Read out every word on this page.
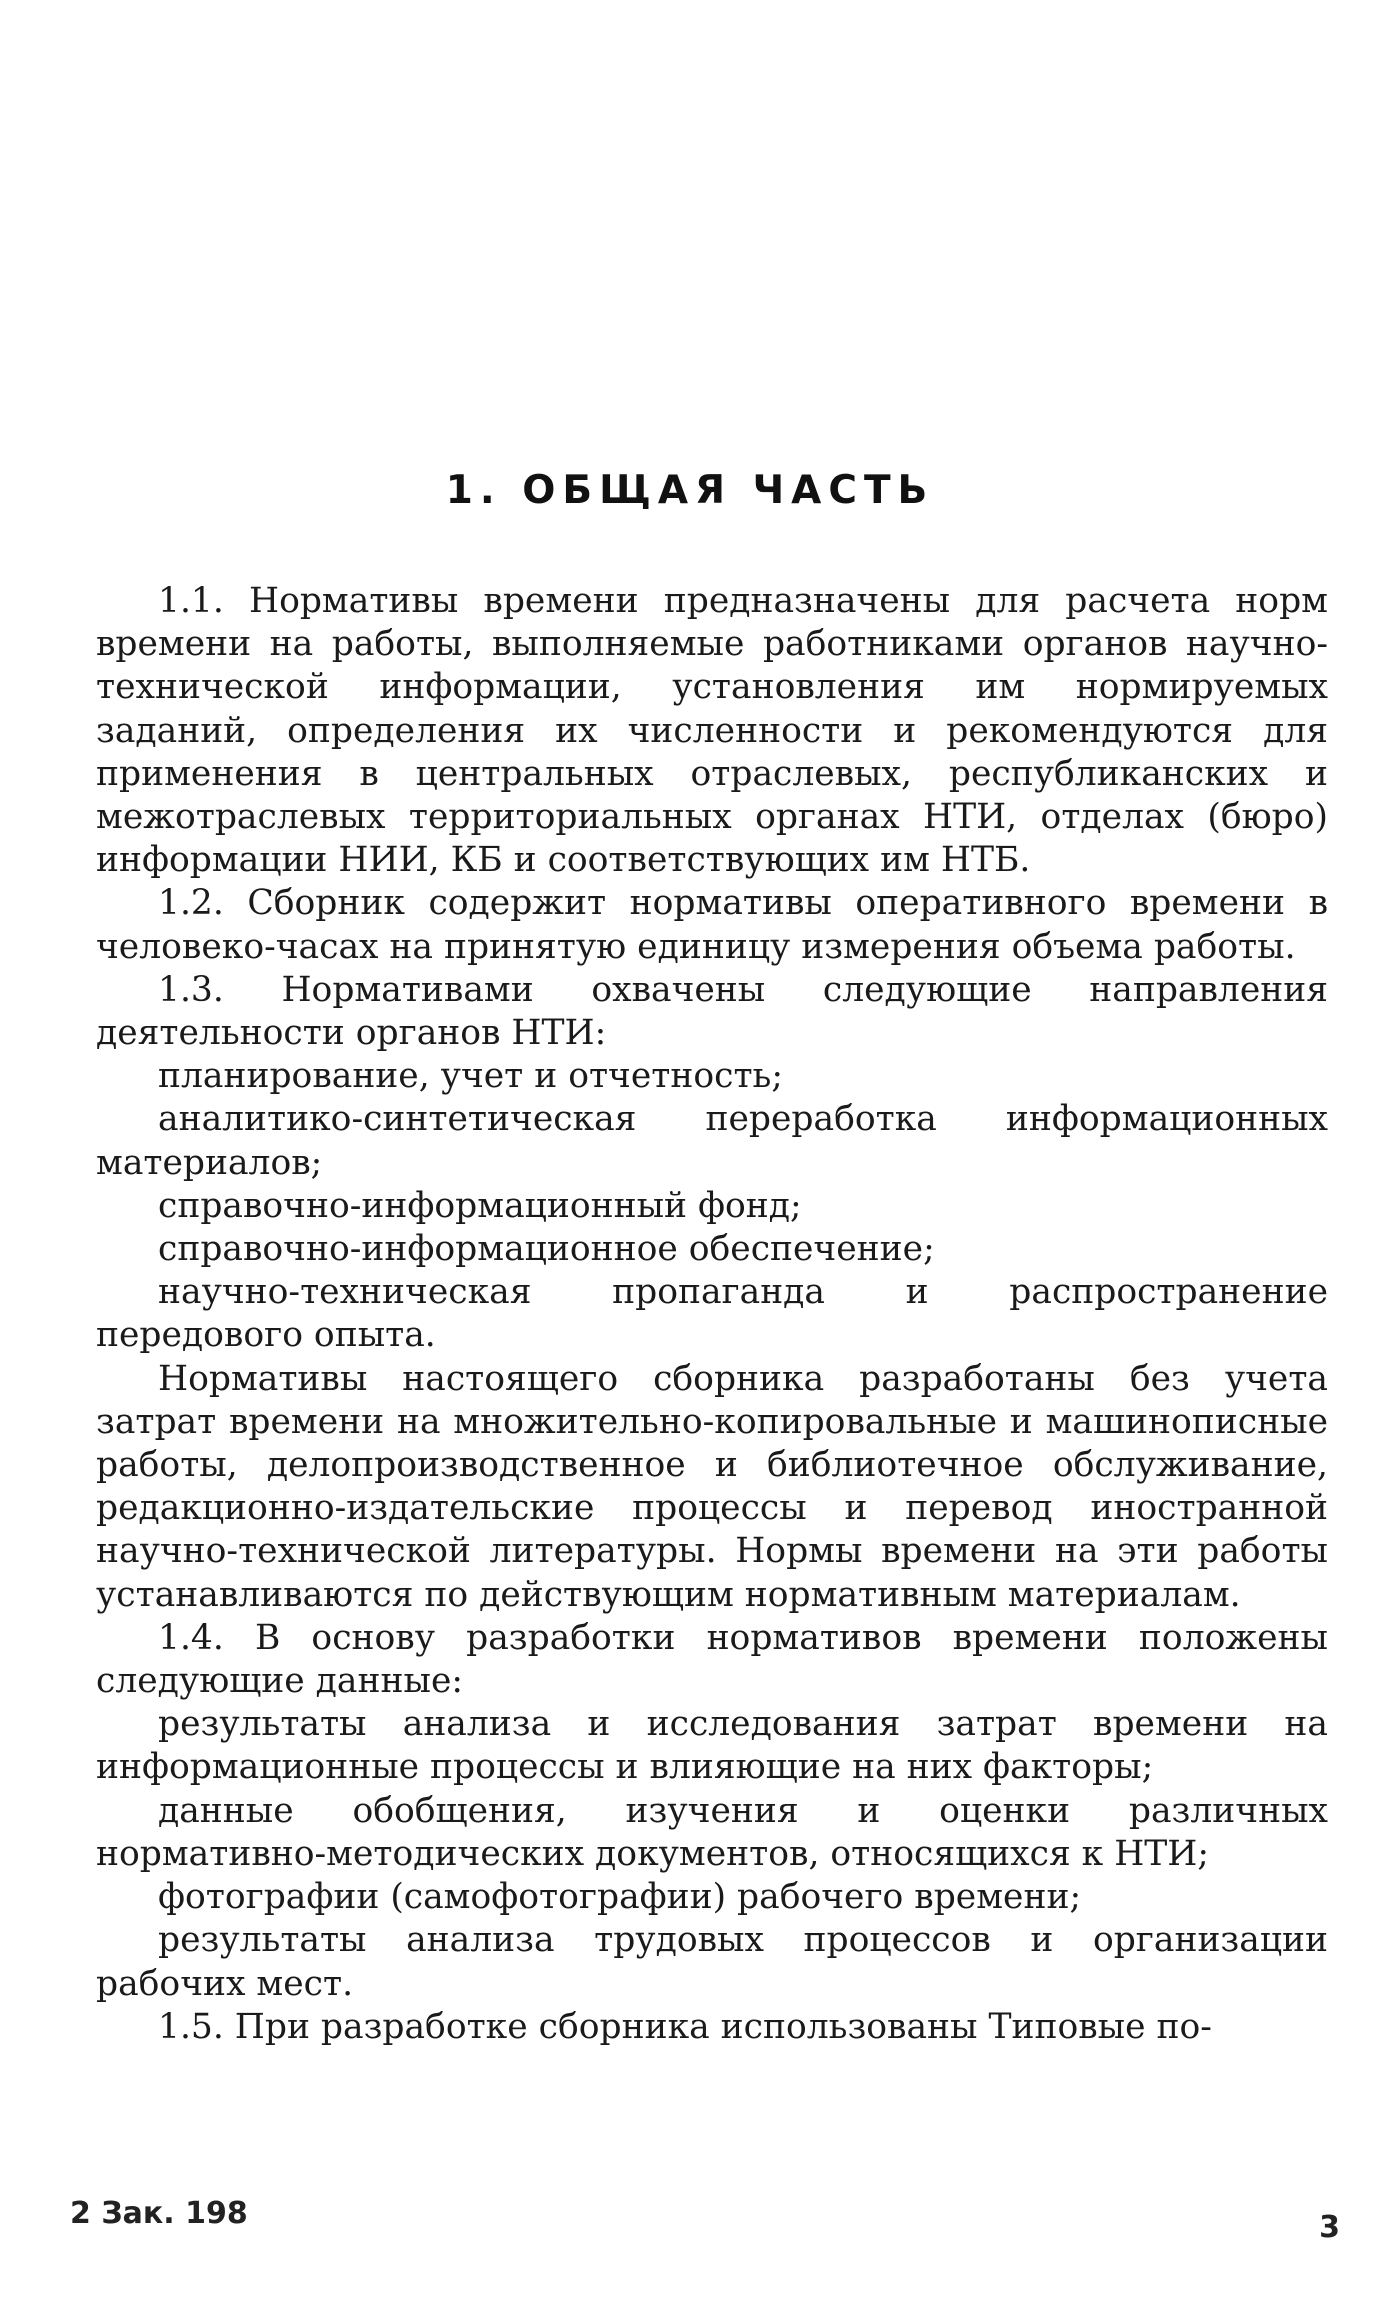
1. ОБЩАЯ ЧАСТЬ

1.1. Нормативы времени предназначены для расчета норм времени на работы, выполняемые работниками органов научно-технической информации, установления им нормируемых заданий, определения их численности и рекомендуются для применения в центральных отраслевых, республиканских и межотраслевых территориальных органах НТИ, отделах (бюро) информации НИИ, КБ и соответствующих им НТБ.

1.2. Сборник содержит нормативы оперативного времени в человеко-часах на принятую единицу измерения объема работы.

1.3. Нормативами охвачены следующие направления деятельности органов НТИ:

планирование, учет и отчетность;

аналитико-синтетическая переработка информационных материалов;

справочно-информационный фонд;

справочно-информационное обеспечение;

научно-техническая пропаганда и распространение передового опыта.

Нормативы настоящего сборника разработаны без учета затрат времени на множительно-копировальные и машинописные работы, делопроизводственное и библиотечное обслуживание, редакционно-издательские процессы и перевод иностранной научно-технической литературы. Нормы времени на эти работы устанавливаются по действующим нормативным материалам.

1.4. В основу разработки нормативов времени положены следующие данные:

результаты анализа и исследования затрат времени на информационные процессы и влияющие на них факторы;

данные обобщения, изучения и оценки различных нормативно-методических документов, относящихся к НТИ;

фотографии (самофотографии) рабочего времени;

результаты анализа трудовых процессов и организации рабочих мест.

1.5. При разработке сборника использованы Типовые по-

2 Зак. 198	3
